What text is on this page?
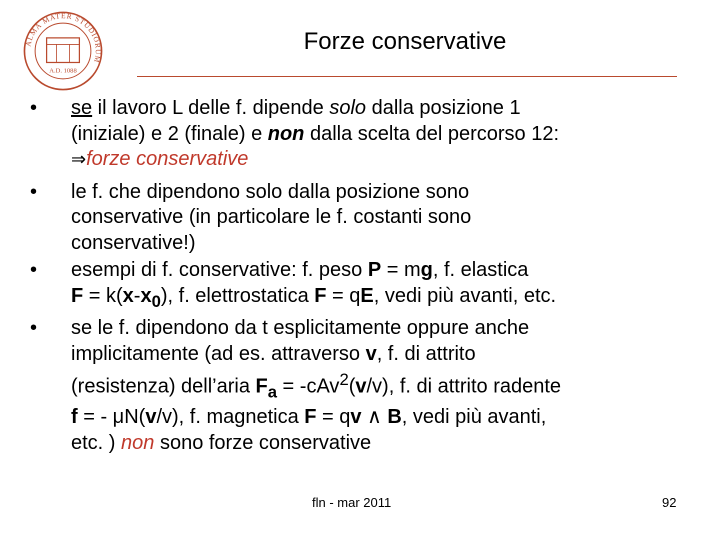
ALMA MATER STUDIORUM
A.D. 1088
Forze conservative
•	se il lavoro L delle f. dipende solo dalla posizione 1
(iniziale) e 2 (finale) e non dalla scelta del percorso 12:
⇒forze conservative
•	le f. che dipendono solo dalla posizione sono
conservative (in particolare le f. costanti sono
conservative!)
•	esempi di f. conservative: f. peso P = mg, f. elastica
$F = k(x-x_0)$, f. elettrostatica F = qE, vedi più avanti, etc.
•	se le f. dipendono da t esplicitamente oppure anche
implicitamente (ad es. attraverso v, f. di attrito
(resistenza) dell’aria $F_a = -cAv^2(v/v)$, f. di attrito radente
f = - μN(v/v), f. magnetica F = qv ∧ B, vedi più avanti,
etc. ) non sono forze conservative
fln - mar 2011	92
